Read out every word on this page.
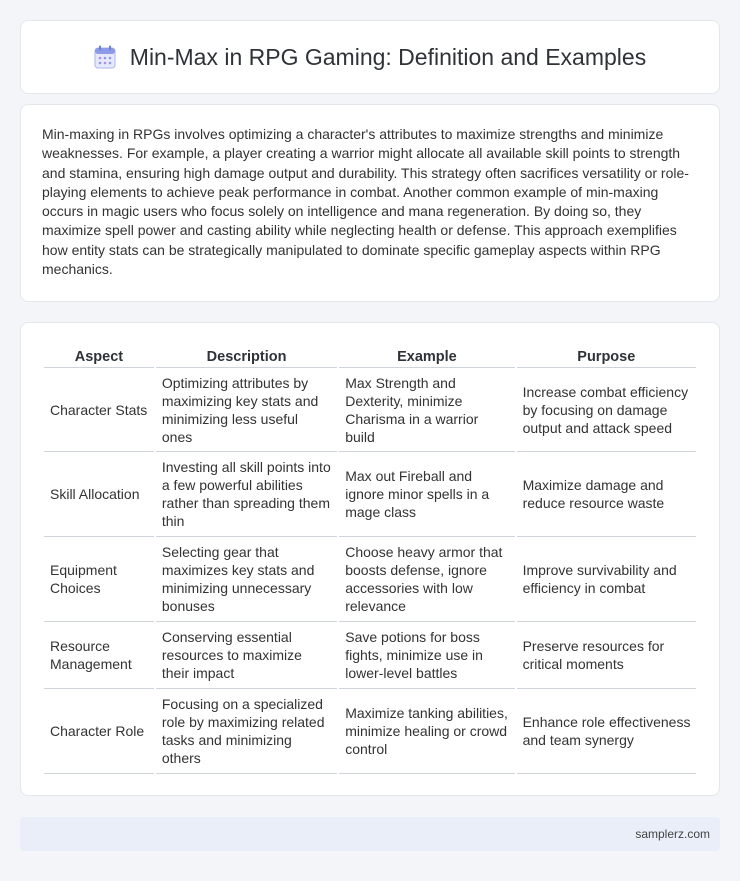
Min-Max in RPG Gaming: Definition and Examples

Min-maxing in RPGs involves optimizing a character's attributes to maximize strengths and minimize weaknesses. For example, a player creating a warrior might allocate all available skill points to strength and stamina, ensuring high damage output and durability. This strategy often sacrifices versatility or role-playing elements to achieve peak performance in combat. Another common example of min-maxing occurs in magic users who focus solely on intelligence and mana regeneration. By doing so, they maximize spell power and casting ability while neglecting health or defense. This approach exemplifies how entity stats can be strategically manipulated to dominate specific gameplay aspects within RPG mechanics.

Aspect	Description	Example	Purpose
Character Stats	Optimizing attributes by maximizing key stats and minimizing less useful ones	Max Strength and Dexterity, minimize Charisma in a warrior build	Increase combat efficiency by focusing on damage output and attack speed
Skill Allocation	Investing all skill points into a few powerful abilities rather than spreading them thin	Max out Fireball and ignore minor spells in a mage class	Maximize damage and reduce resource waste
Equipment Choices	Selecting gear that maximizes key stats and minimizing unnecessary bonuses	Choose heavy armor that boosts defense, ignore accessories with low relevance	Improve survivability and efficiency in combat
Resource Management	Conserving essential resources to maximize their impact	Save potions for boss fights, minimize use in lower-level battles	Preserve resources for critical moments
Character Role	Focusing on a specialized role by maximizing related tasks and minimizing others	Maximize tanking abilities, minimize healing or crowd control	Enhance role effectiveness and team synergy
samplerz.com
